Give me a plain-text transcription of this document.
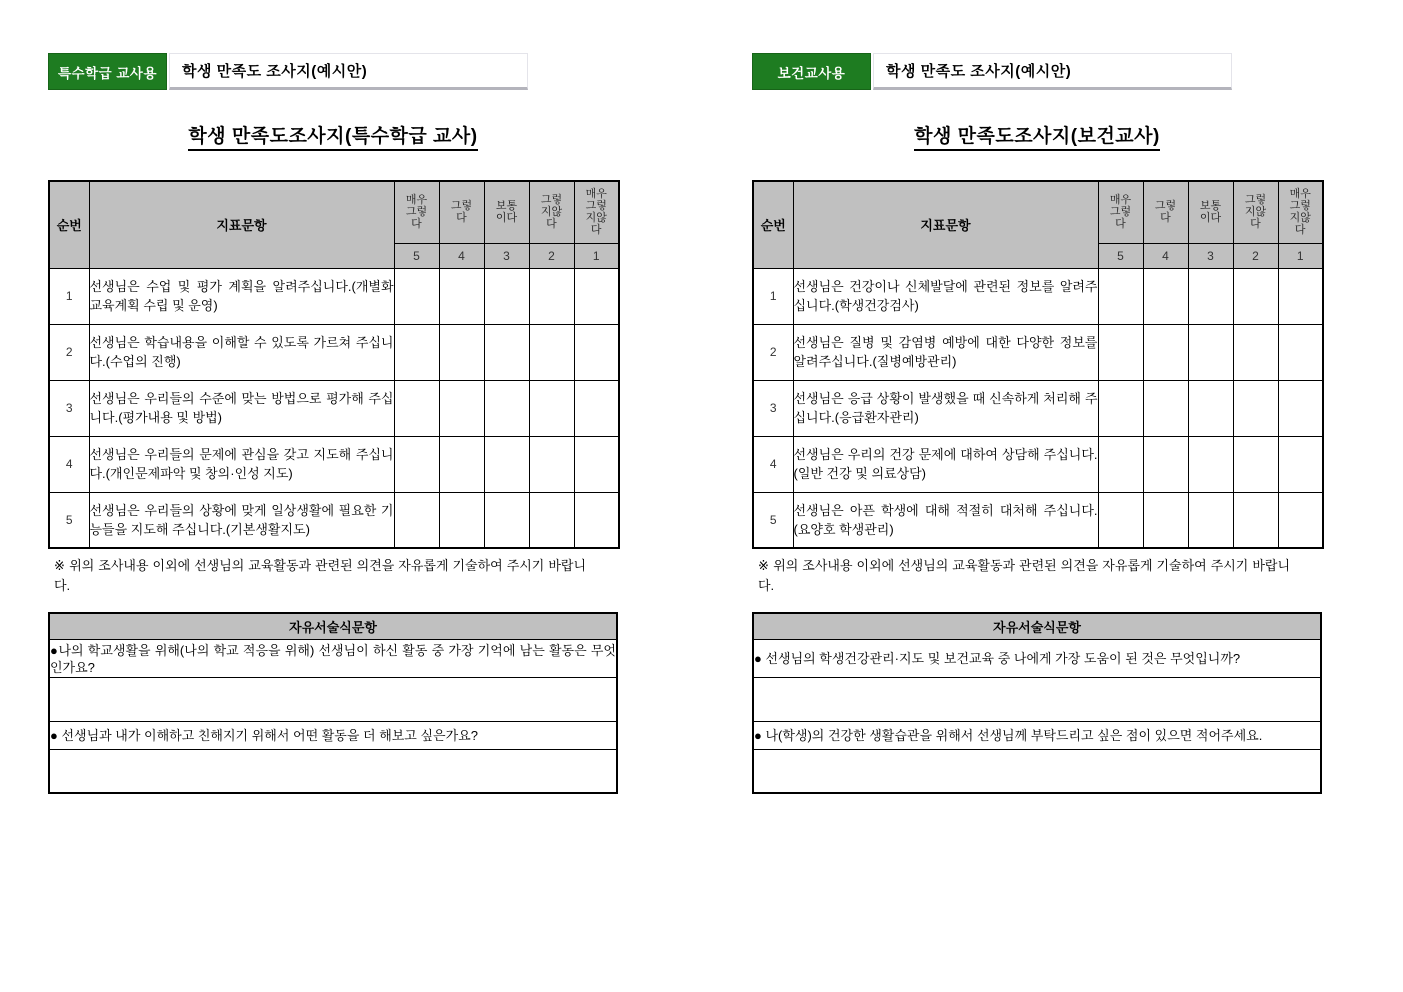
특수학급 교사용	학생 만족도 조사지(예시안)
학생 만족도조사지(특수학급 교사)
순번	지표문항	매우그렇다	그렇다	보통이다	그렇지않다	매우그렇지않다
		5	4	3	2	1
1	선생님은 수업 및 평가 계획을 알려주십니다.(개별화 교육계획 수립 및 운영)					
2	선생님은 학습내용을 이해할 수 있도록 가르쳐 주십니다.(수업의 진행)					
3	선생님은 우리들의 수준에 맞는 방법으로 평가해 주십니다.(평가내용 및 방법)					
4	선생님은 우리들의 문제에 관심을 갖고 지도해 주십니다.(개인문제파악 및 창의·인성 지도)					
5	선생님은 우리들의 상황에 맞게 일상생활에 필요한 기능들을 지도해 주십니다.(기본생활지도)					

※ 위의 조사내용 이외에 선생님의 교육활동과 관련된 의견을 자유롭게 기술하여 주시기 바랍니다.

자유서술식문항
●나의 학교생활을 위해(나의 학교 적응을 위해) 선생님이 하신 활동 중 가장 기억에 남는 활동은 무엇인가요?

● 선생님과 내가 이해하고 친해지기 위해서 어떤 활동을 더 해보고 싶은가요?

보건교사용	학생 만족도 조사지(예시안)
학생 만족도조사지(보건교사)
순번	지표문항	매우그렇다	그렇다	보통이다	그렇지않다	매우그렇지않다
		5	4	3	2	1
1	선생님은 건강이나 신체발달에 관련된 정보를 알려주십니다.(학생건강검사)					
2	선생님은 질병 및 감염병 예방에 대한 다양한 정보를 알려주십니다.(질병예방관리)					
3	선생님은 응급 상황이 발생했을 때 신속하게 처리해 주십니다.(응급환자관리)					
4	선생님은 우리의 건강 문제에 대하여 상담해 주십니다.(일반 건강 및 의료상담)					
5	선생님은 아픈 학생에 대해 적절히 대처해 주십니다.(요양호 학생관리)					

※ 위의 조사내용 이외에 선생님의 교육활동과 관련된 의견을 자유롭게 기술하여 주시기 바랍니다.

자유서술식문항
● 선생님의 학생건강관리·지도 및 보건교육 중 나에게 가장 도움이 된 것은 무엇입니까?

● 나(학생)의 건강한 생활습관을 위해서 선생님께 부탁드리고 싶은 점이 있으면 적어주세요.
